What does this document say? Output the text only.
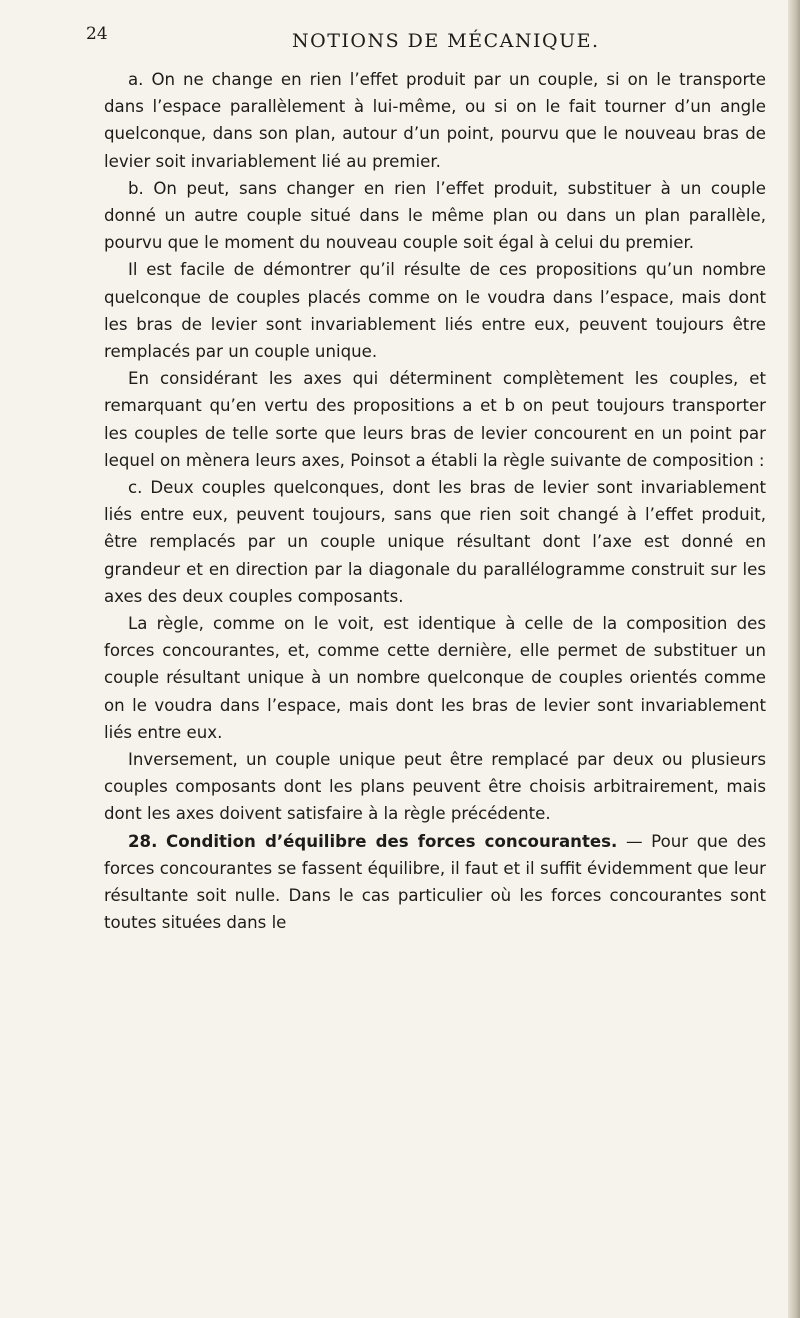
24	NOTIONS DE MÉCANIQUE.

a. On ne change en rien l’effet produit par un couple, si on le transporte dans l’espace parallèlement à lui-même, ou si on le fait tourner d’un angle quelconque, dans son plan, autour d’un point, pourvu que le nouveau bras de levier soit invariablement lié au premier.

b. On peut, sans changer en rien l’effet produit, substituer à un couple donné un autre couple situé dans le même plan ou dans un plan parallèle, pourvu que le moment du nouveau couple soit égal à celui du premier.

Il est facile de démontrer qu’il résulte de ces propositions qu’un nombre quelconque de couples placés comme on le voudra dans l’espace, mais dont les bras de levier sont invariablement liés entre eux, peuvent toujours être remplacés par un couple unique.

En considérant les axes qui déterminent complètement les couples, et remarquant qu’en vertu des propositions a et b on peut toujours transporter les couples de telle sorte que leurs bras de levier concourent en un point par lequel on mènera leurs axes, Poinsot a établi la règle suivante de composition :

c. Deux couples quelconques, dont les bras de levier sont invariablement liés entre eux, peuvent toujours, sans que rien soit changé à l’effet produit, être remplacés par un couple unique résultant dont l’axe est donné en grandeur et en direction par la diagonale du parallélogramme construit sur les axes des deux couples composants.

La règle, comme on le voit, est identique à celle de la composition des forces concourantes, et, comme cette dernière, elle permet de substituer un couple résultant unique à un nombre quelconque de couples orientés comme on le voudra dans l’espace, mais dont les bras de levier sont invariablement liés entre eux.

Inversement, un couple unique peut être remplacé par deux ou plusieurs couples composants dont les plans peuvent être choisis arbitrairement, mais dont les axes doivent satisfaire à la règle précédente.

28. Condition d’équilibre des forces concourantes. — Pour que des forces concourantes se fassent équilibre, il faut et il suffit évidemment que leur résultante soit nulle. Dans le cas particulier où les forces concourantes sont toutes situées dans le
